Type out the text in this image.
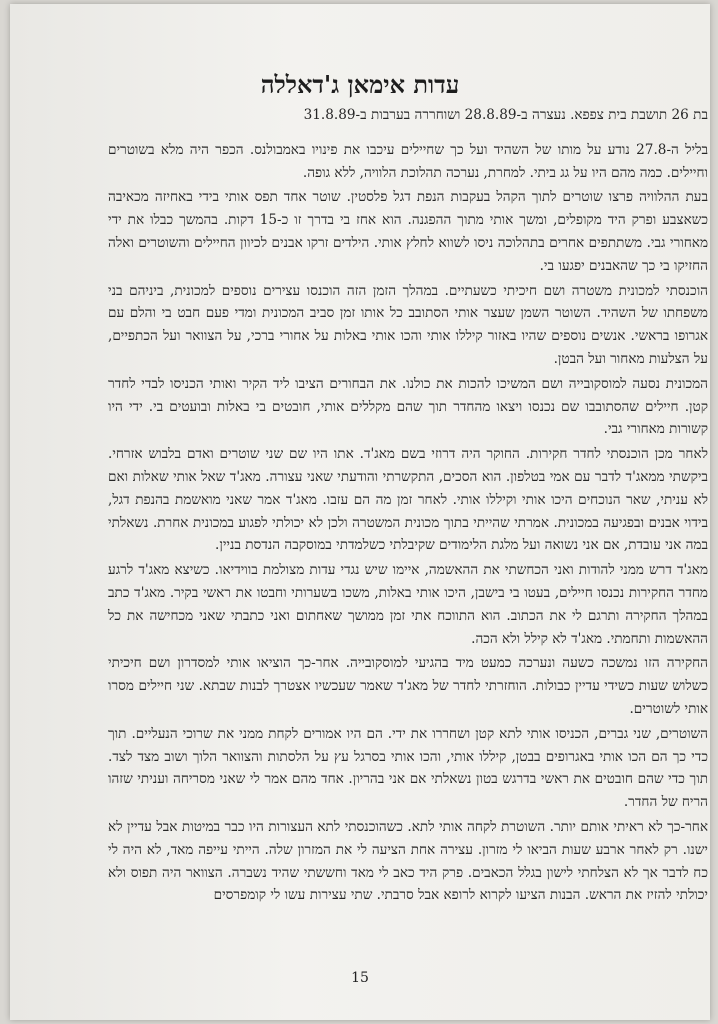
עדות אימאן ג'דאללה

בת 26 תושבת בית צפפא. נעצרה ב-28.8.89 ושוחררה בערבות ב-31.8.89

בליל ה-27.8 נודע על מותו של השהיד ועל כך שחיילים עיכבו את פינויו באמבולנס. הכפר היה מלא בשוטרים וחיילים. כמה מהם היו על גג ביתי. למחרת, נערכה תהלוכת הלוויה, ללא גופה.

בעת ההלוויה פרצו שוטרים לתוך הקהל בעקבות הנפת דגל פלסטין. שוטר אחד תפס אותי בידי באחיזה מכאיבה כשאצבע ופרק היד מקופלים, ומשך אותי מתוך ההפגנה. הוא אחז בי בדרך זו כ-15 דקות. בהמשך כבלו את ידי מאחורי גבי. משתתפים אחרים בתהלוכה ניסו לשווא לחלץ אותי. הילדים זרקו אבנים לכיוון החיילים והשוטרים ואלה החזיקו בי כך שהאבנים יפגעו בי.

הוכנסתי למכונית משטרה ושם חיכיתי כשעתיים. במהלך הזמן הזה הוכנסו עצירים נוספים למכונית, ביניהם בני משפחתו של השהיד. השוטר השמן שעצר אותי הסתובב כל אותו זמן סביב המכונית ומדי פעם חבט בי והלם עם אגרופו בראשי. אנשים נוספים שהיו באזור קיללו אותי והכו אותי באלות על אחורי ברכי, על הצוואר ועל הכתפיים, על הצלעות מאחור ועל הבטן.

המכונית נסעה למוסקובייה ושם המשיכו להכות את כולנו. את הבחורים הציבו ליד הקיר ואותי הכניסו לבדי לחדר קטן. חיילים שהסתובבו שם נכנסו ויצאו מהחדר תוך שהם מקללים אותי, חובטים בי באלות ובועטים בי. ידי היו קשורות מאחורי גבי.

לאחר מכן הוכנסתי לחדר חקירות. החוקר היה דרוזי בשם מאג'ד. אתו היו שם שני שוטרים ואדם בלבוש אזרחי. ביקשתי ממאג'ד לדבר עם אמי בטלפון. הוא הסכים, התקשרתי והודעתי שאני עצורה. מאג'ד שאל אותי שאלות ואם לא עניתי, שאר הנוכחים היכו אותי וקיללו אותי. לאחר זמן מה הם עזבו. מאג'ד אמר שאני מואשמת בהנפת דגל, בידוי אבנים ובפגיעה במכונית. אמרתי שהייתי בתוך מכונית המשטרה ולכן לא יכולתי לפגוע במכונית אחרת. נשאלתי במה אני עובדת, אם אני נשואה ועל מלגת הלימודים שקיבלתי כשלמדתי במוסקבה הנדסת בניין.

מאג'ד דרש ממני להודות ואני הכחשתי את ההאשמה, איימו שיש נגדי עדות מצולמת בווידיאו. כשיצא מאג'ד לרגע מחדר החקירות נכנסו חיילים, בעטו בי בישבן, היכו אותי באלות, משכו בשערותי וחבטו את ראשי בקיר. מאג'ד כתב במהלך החקירה ותרגם לי את הכתוב. הוא התווכח אתי זמן ממושך שאחתום ואני כתבתי שאני מכחישה את כל ההאשמות ותחמתי. מאג'ד לא קילל ולא הכה.

החקירה הזו נמשכה כשעה ונערכה כמעט מיד בהגיעי למוסקובייה. אחר-כך הוציאו אותי למסדרון ושם חיכיתי כשלוש שעות כשידי עדיין כבולות. הוחזרתי לחדר של מאג'ד שאמר שעכשיו אצטרך לבנות שבתא. שני חיילים מסרו אותי לשוטרים.

השוטרים, שני גברים, הכניסו אותי לתא קטן ושחררו את ידי. הם היו אמורים לקחת ממני את שרוכי הנעליים. תוך כדי כך הם הכו אותי באגרופים בבטן, קיללו אותי, והכו אותי בסרגל עץ על הלסתות והצוואר הלוך ושוב מצד לצד. תוך כדי שהם חובטים את ראשי בדרגש בטון נשאלתי אם אני בהריון. אחד מהם אמר לי שאני מסריחה ועניתי שזהו הריח של החדר.

אחר-כך לא ראיתי אותם יותר. השוטרת לקחה אותי לתא. כשהוכנסתי לתא העצורות היו כבר במיטות אבל עדיין לא ישנו. רק לאחר ארבע שעות הביאו לי מזרון. עצירה אחת הציעה לי את המזרון שלה. הייתי עייפה מאד, לא היה לי כח לדבר אך לא הצלחתי לישון בגלל הכאבים. פרק היד כאב לי מאד וחששתי שהיד נשברה. הצוואר היה תפוס ולא יכולתי להזיז את הראש. הבנות הציעו לקרוא לרופא אבל סרבתי. שתי עצירות עשו לי קומפרסים

15
